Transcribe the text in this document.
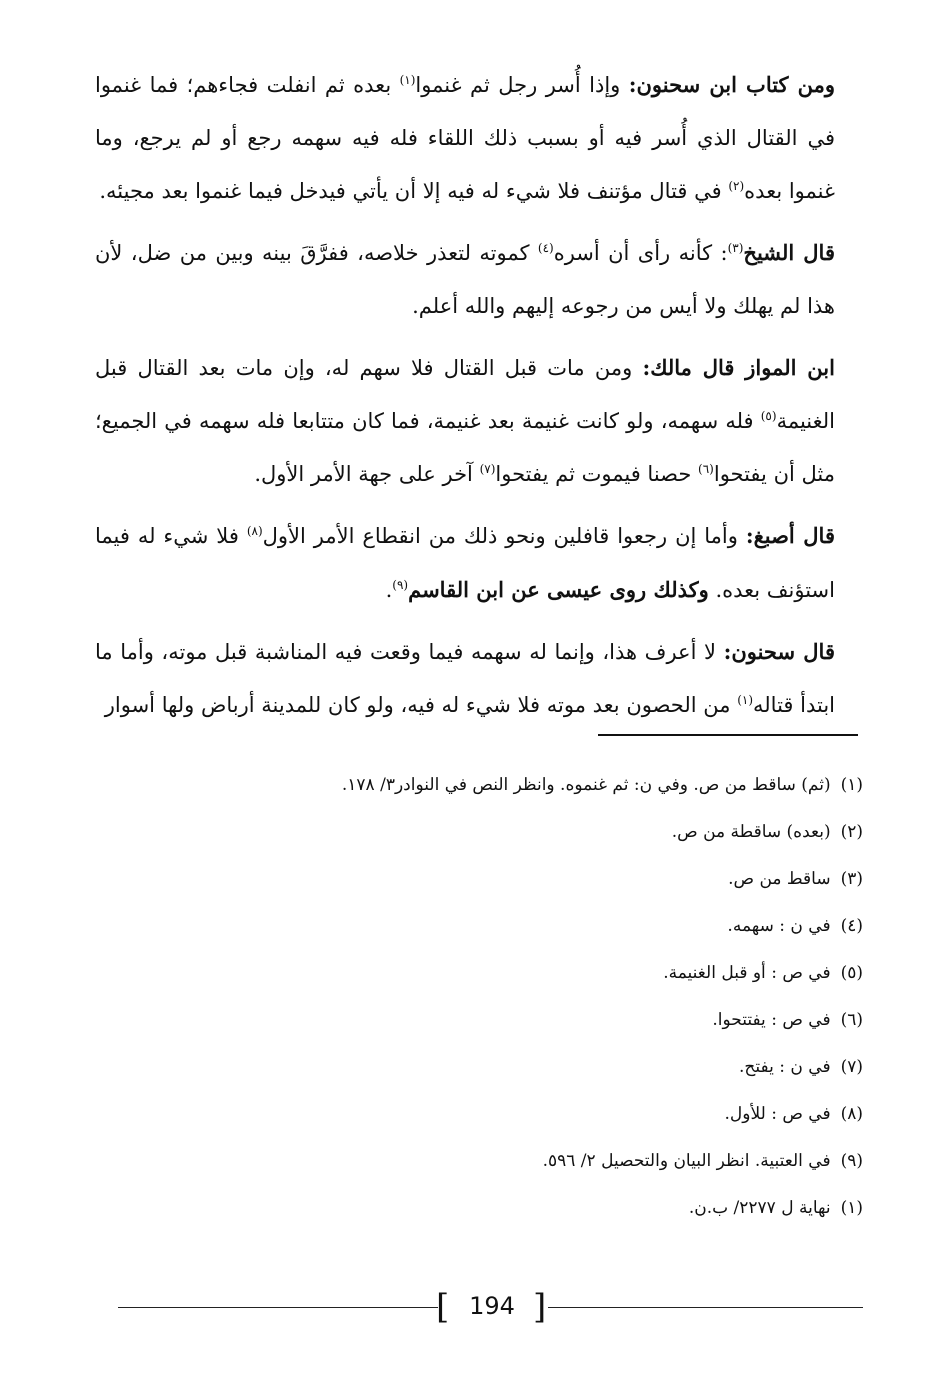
ومن كتاب ابن سحنون: وإذا أُسر رجل ثم غنموا$^{(١)}$ بعده ثم انفلت فجاءهم؛ فما غنموا في القتال الذي أُسر فيه أو بسبب ذلك اللقاء فله فيه سهمه رجع أو لم يرجع، وما غنموا بعده$^{(٢)}$ في قتال مؤتنف فلا شيء له فيه إلا أن يأتي فيدخل فيما غنموا بعد مجيئه.

قال الشيخ$^{(٣)}$: كأنه رأى أن أسره$^{(٤)}$ كموته لتعذر خلاصه، ففرَّقَ بينه وبين من ضل، لأن هذا لم يهلك ولا أيس من رجوعه إليهم والله أعلم.

ابن المواز قال مالك: ومن مات قبل القتال فلا سهم له، وإن مات بعد القتال قبل الغنيمة$^{(٥)}$ فله سهمه، ولو كانت غنيمة بعد غنيمة، فما كان متتابعا فله سهمه في الجميع؛ مثل أن يفتحوا$^{(٦)}$ حصنا فيموت ثم يفتحوا$^{(٧)}$ آخر على جهة الأمر الأول.

قال أصبغ: وأما إن رجعوا قافلين ونحو ذلك من انقطاع الأمر الأول$^{(٨)}$ فلا شيء له فيما استؤنف بعده. وكذلك روى عيسى عن ابن القاسم$^{(٩)}$.

قال سحنون: لا أعرف هذا، وإنما له سهمه فيما وقعت فيه المناشبة قبل موته، وأما ما ابتدأ قتاله$^{(١)}$ من الحصون بعد موته فلا شيء له فيه، ولو كان للمدينة أرباض ولها أسوار

(١)(ثم) ساقط من ص. وفي ن: ثم غنموه. وانظر النص في النوادر٣/ ١٧٨.

(٢)(بعده) ساقطة من ص.

(٣)ساقط من ص.

(٤)في ن : سهمه.

(٥)في ص : أو قبل الغنيمة.

(٦)في ص : يفتتحوا.

(٧)في ن : يفتح.

(٨)في ص : للأول.

(٩)في العتبية. انظر البيان والتحصيل ٢/ ٥٩٦.

(١)نهاية ل ٢٢٧٧/ ب.ن.

[ 194 ]
